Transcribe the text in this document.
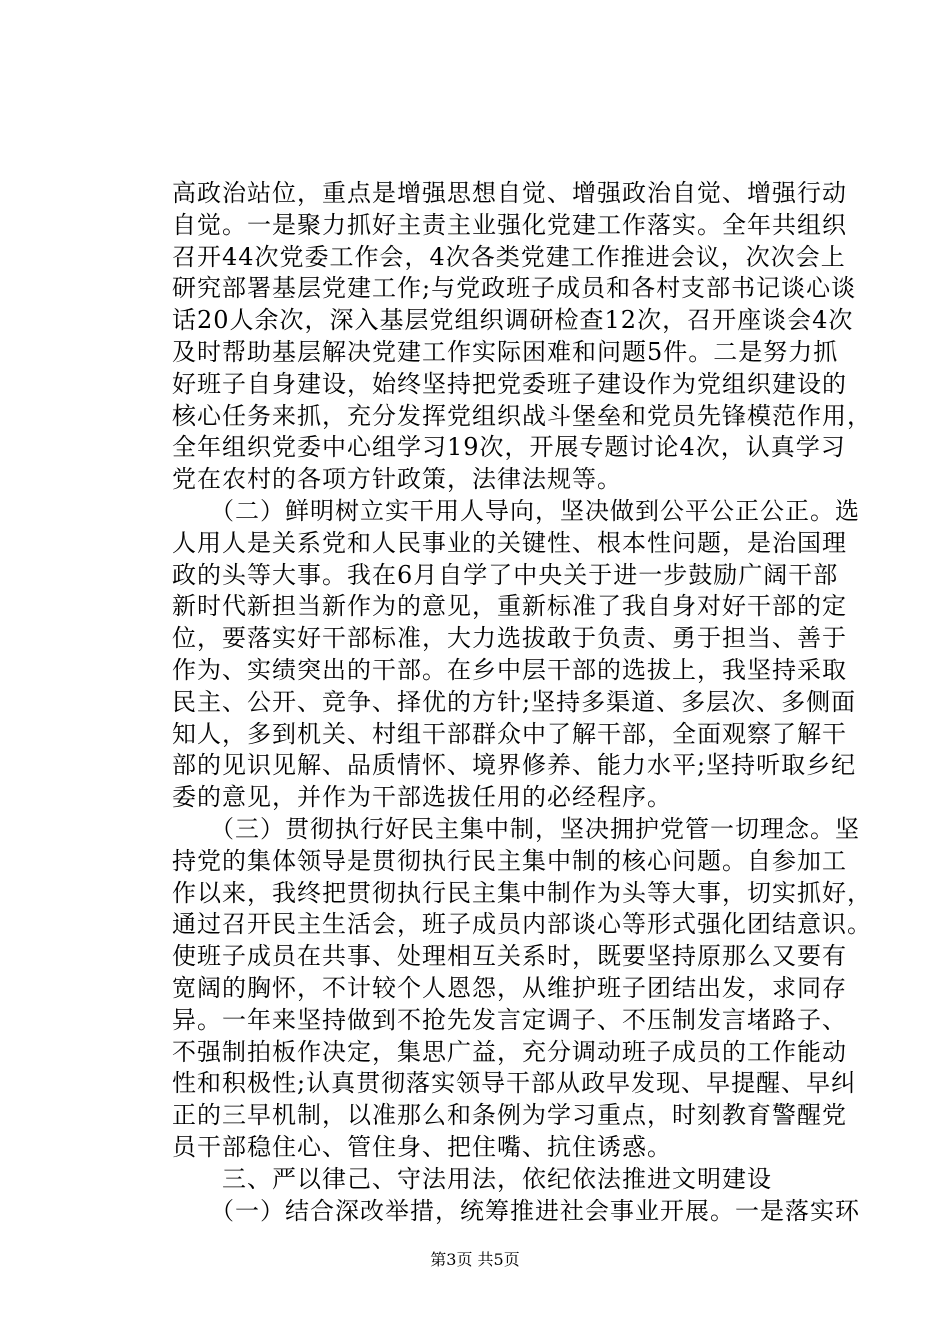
高政治站位，重点是增强思想自觉、增强政治自觉、增强行动
自觉。一是聚力抓好主责主业强化党建工作落实。全年共组织
召开44次党委工作会，4次各类党建工作推进会议，次次会上
研究部署基层党建工作;与党政班子成员和各村支部书记谈心谈
话20人余次，深入基层党组织调研检查12次，召开座谈会4次
及时帮助基层解决党建工作实际困难和问题5件。二是努力抓
好班子自身建设，始终坚持把党委班子建设作为党组织建设的
核心任务来抓，充分发挥党组织战斗堡垒和党员先锋模范作用，
全年组织党委中心组学习19次，开展专题讨论4次，认真学习
党在农村的各项方针政策，法律法规等。
　　（二）鲜明树立实干用人导向，坚决做到公平公正公正。选
人用人是关系党和人民事业的关键性、根本性问题，是治国理
政的头等大事。我在6月自学了中央关于进一步鼓励广阔干部
新时代新担当新作为的意见，重新标准了我自身对好干部的定
位，要落实好干部标准，大力选拔敢于负责、勇于担当、善于
作为、实绩突出的干部。在乡中层干部的选拔上，我坚持采取
民主、公开、竞争、择优的方针;坚持多渠道、多层次、多侧面
知人，多到机关、村组干部群众中了解干部，全面观察了解干
部的见识见解、品质情怀、境界修养、能力水平;坚持听取乡纪
委的意见，并作为干部选拔任用的必经程序。
　　（三）贯彻执行好民主集中制，坚决拥护党管一切理念。坚
持党的集体领导是贯彻执行民主集中制的核心问题。自参加工
作以来，我终把贯彻执行民主集中制作为头等大事，切实抓好，
通过召开民主生活会，班子成员内部谈心等形式强化团结意识。
使班子成员在共事、处理相互关系时，既要坚持原那么又要有
宽阔的胸怀，不计较个人恩怨，从维护班子团结出发，求同存
异。一年来坚持做到不抢先发言定调子、不压制发言堵路子、
不强制拍板作决定，集思广益，充分调动班子成员的工作能动
性和积极性;认真贯彻落实领导干部从政早发现、早提醒、早纠
正的三早机制，以准那么和条例为学习重点，时刻教育警醒党
员干部稳住心、管住身、把住嘴、抗住诱惑。
　　三、严以律己、守法用法，依纪依法推进文明建设
　　（一）结合深改举措，统筹推进社会事业开展。一是落实环
第3页 共5页
